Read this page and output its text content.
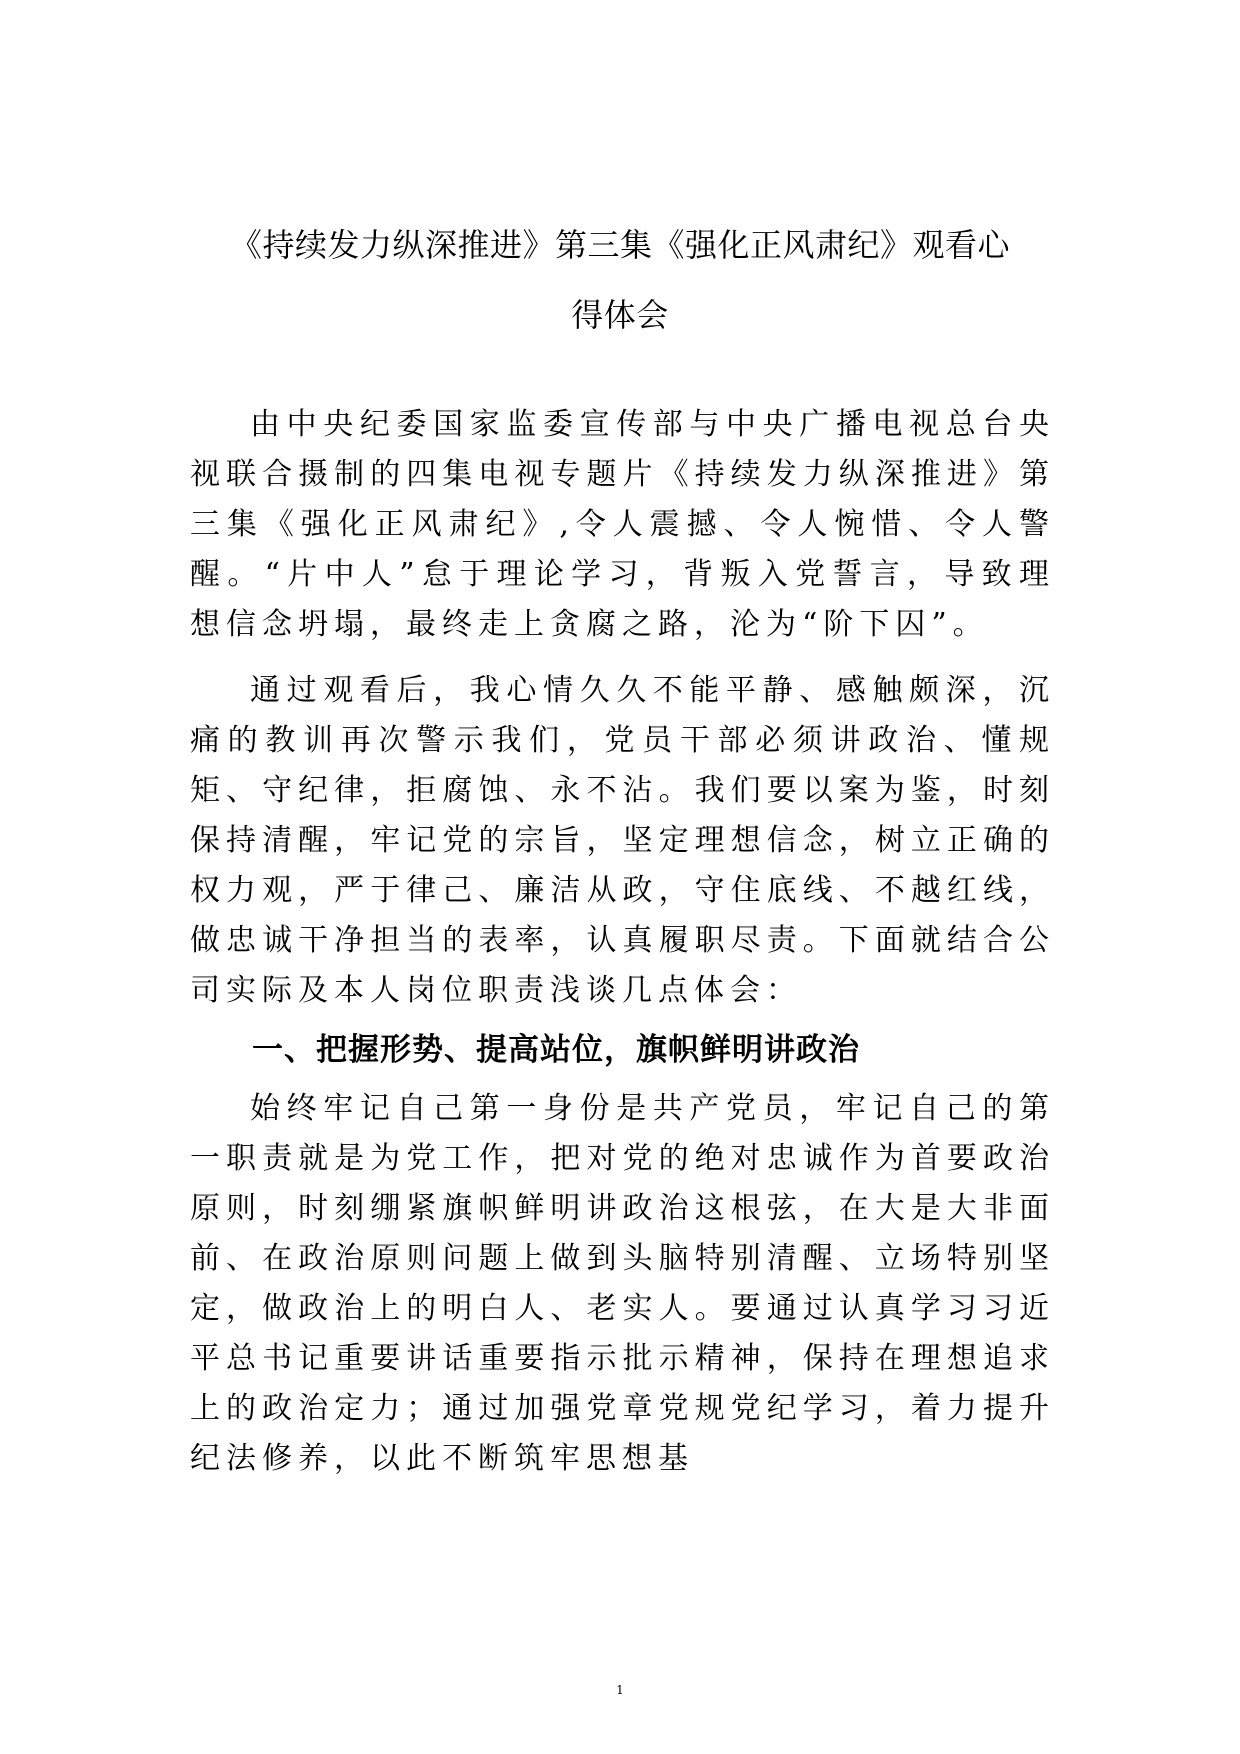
《持续发力纵深推进》第三集《强化正风肃纪》观看心
得体会

由中央纪委国家监委宣传部与中央广播电视总台央视联合摄制的四集电视专题片《持续发力纵深推进》第三集《强化正风肃纪》,令人震撼、令人惋惜、令人警醒。“片中人”怠于理论学习，背叛入党誓言，导致理想信念坍塌，最终走上贪腐之路，沦为“阶下囚”。

通过观看后，我心情久久不能平静、感触颇深，沉痛的教训再次警示我们，党员干部必须讲政治、懂规矩、守纪律，拒腐蚀、永不沾。我们要以案为鉴，时刻保持清醒，牢记党的宗旨，坚定理想信念，树立正确的权力观，严于律己、廉洁从政，守住底线、不越红线，做忠诚干净担当的表率，认真履职尽责。下面就结合公司实际及本人岗位职责浅谈几点体会：

一、把握形势、提高站位，旗帜鲜明讲政治

始终牢记自己第一身份是共产党员，牢记自己的第一职责就是为党工作，把对党的绝对忠诚作为首要政治原则，时刻绷紧旗帜鲜明讲政治这根弦，在大是大非面前、在政治原则问题上做到头脑特别清醒、立场特别坚定，做政治上的明白人、老实人。要通过认真学习习近平总书记重要讲话重要指示批示精神，保持在理想追求上的政治定力；通过加强党章党规党纪学习，着力提升纪法修养，以此不断筑牢思想基

1
